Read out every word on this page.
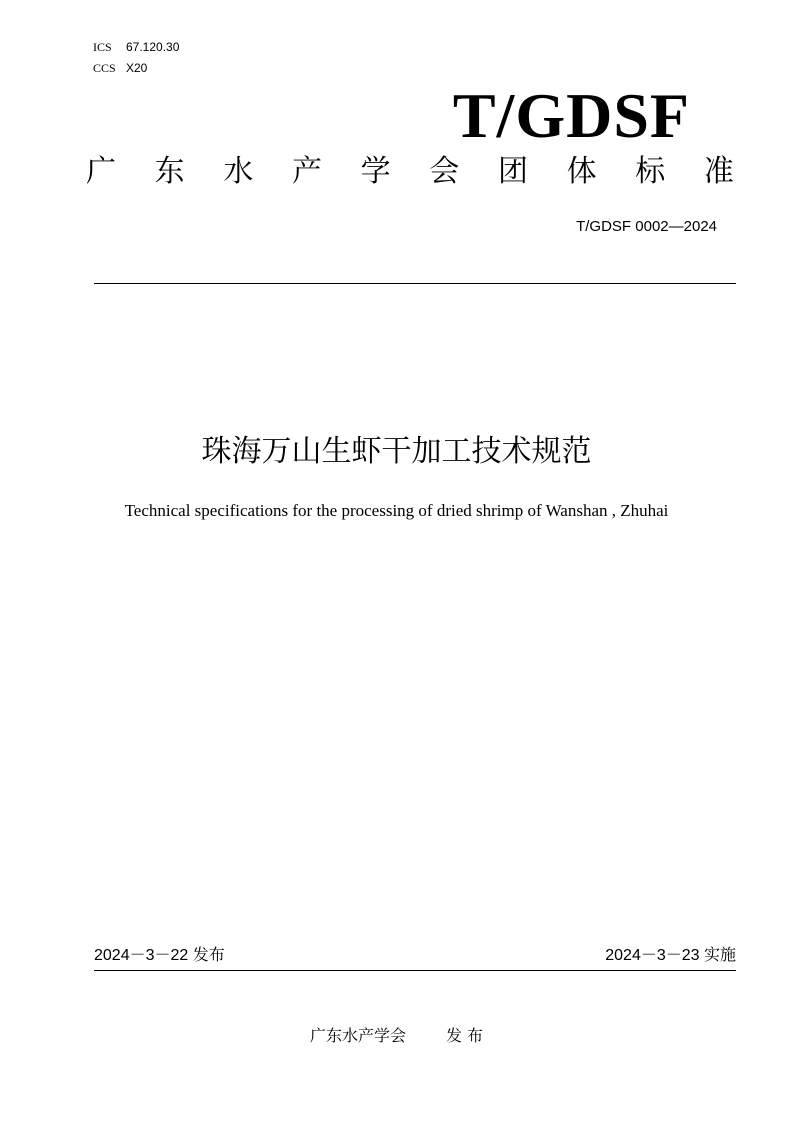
ICS 67.120.30
CCS X20
T/GDSF
广 东 水 产 学 会 团 体 标 准
T/GDSF 0002—2024
珠海万山生虾干加工技术规范
Technical specifications for the processing of dried shrimp of Wanshan , Zhuhai
2024－3－22 发布	2024－3－23 实施
广东水产学会	发 布
